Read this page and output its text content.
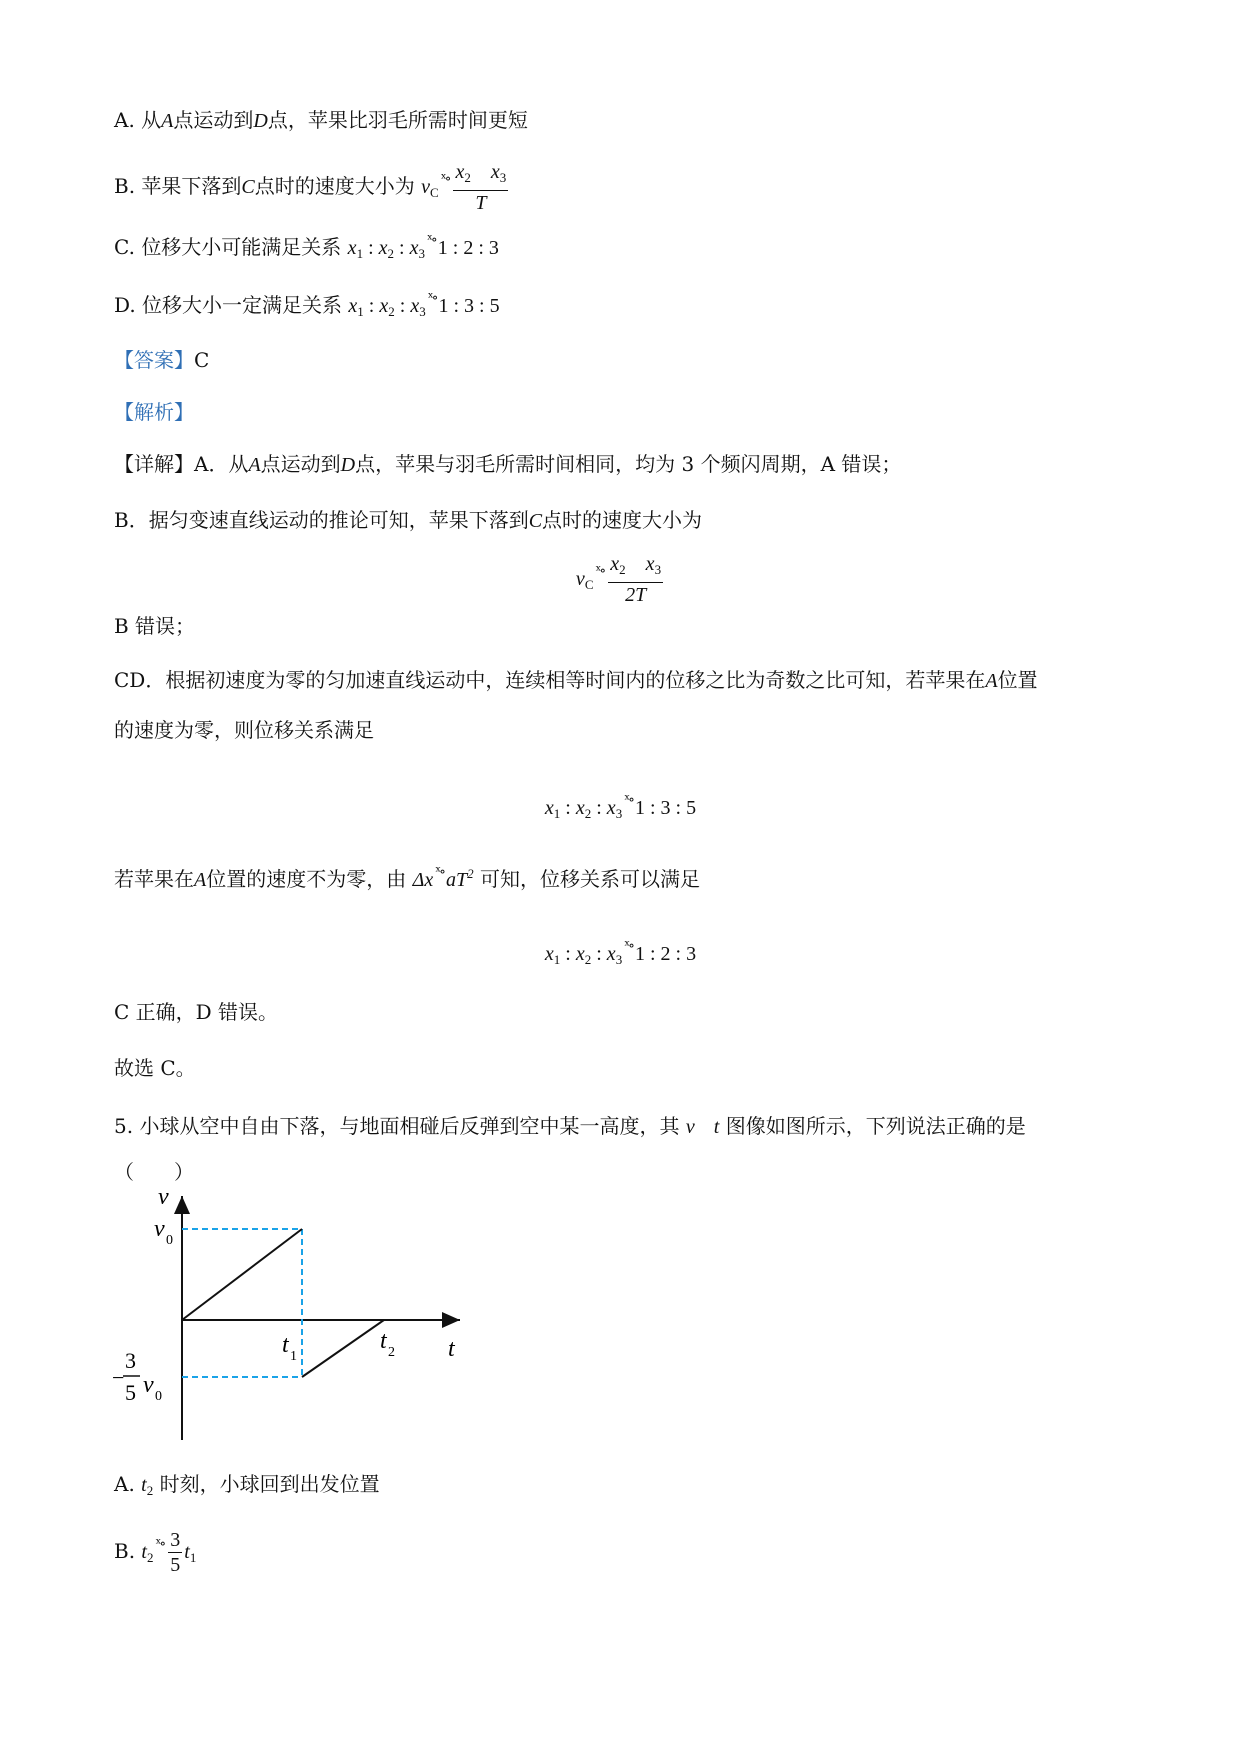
A. 从A点运动到D点，苹果比羽毛所需时间更短
B. 苹果下落到C点时的速度大小为 $v_C^{ˣ\circ} \frac{x_2 x_3}{T}$
C. 位移大小可能满足关系 $x_1$ : $x_2$ : $x_3^{ˣ\circ}$ 1 : 2 : 3
D. 位移大小一定满足关系 $x_1$ : $x_2$ : $x_3^{ˣ\circ}$ 1 : 3 : 5
【答案】C
【解析】
【详解】A．从A点运动到D点，苹果与羽毛所需时间相同，均为 3 个频闪周期，A 错误；
B．据匀变速直线运动的推论可知，苹果下落到C点时的速度大小为
$v_C^{ˣ\circ} \frac{x_2 x_3}{2T}$
B 错误；
CD．根据初速度为零的匀加速直线运动中，连续相等时间内的位移之比为奇数之比可知，若苹果在A位置
的速度为零，则位移关系满足
$x_1$ : $x_2$ : $x_3^{ˣ\circ}$ 1 : 3 : 5
若苹果在A位置的速度不为零，由 Δx $^{ˣ\circ}$ $aT^2$ 可知，位移关系可以满足
$x_1$ : $x_2$ : $x_3^{ˣ\circ}$ 1 : 2 : 3
C 正确，D 错误。
故选 C。
5. 小球从空中自由下落，与地面相碰后反弹到空中某一高度，其 v t 图像如图所示，下列说法正确的是
（　　）
v
t
v 0
t 1
t 2
−
3
5 v 0
A. $t_2$ 时刻，小球回到出发位置
B. $t_2^{ˣ\circ} \frac{3}{5} t_1$
